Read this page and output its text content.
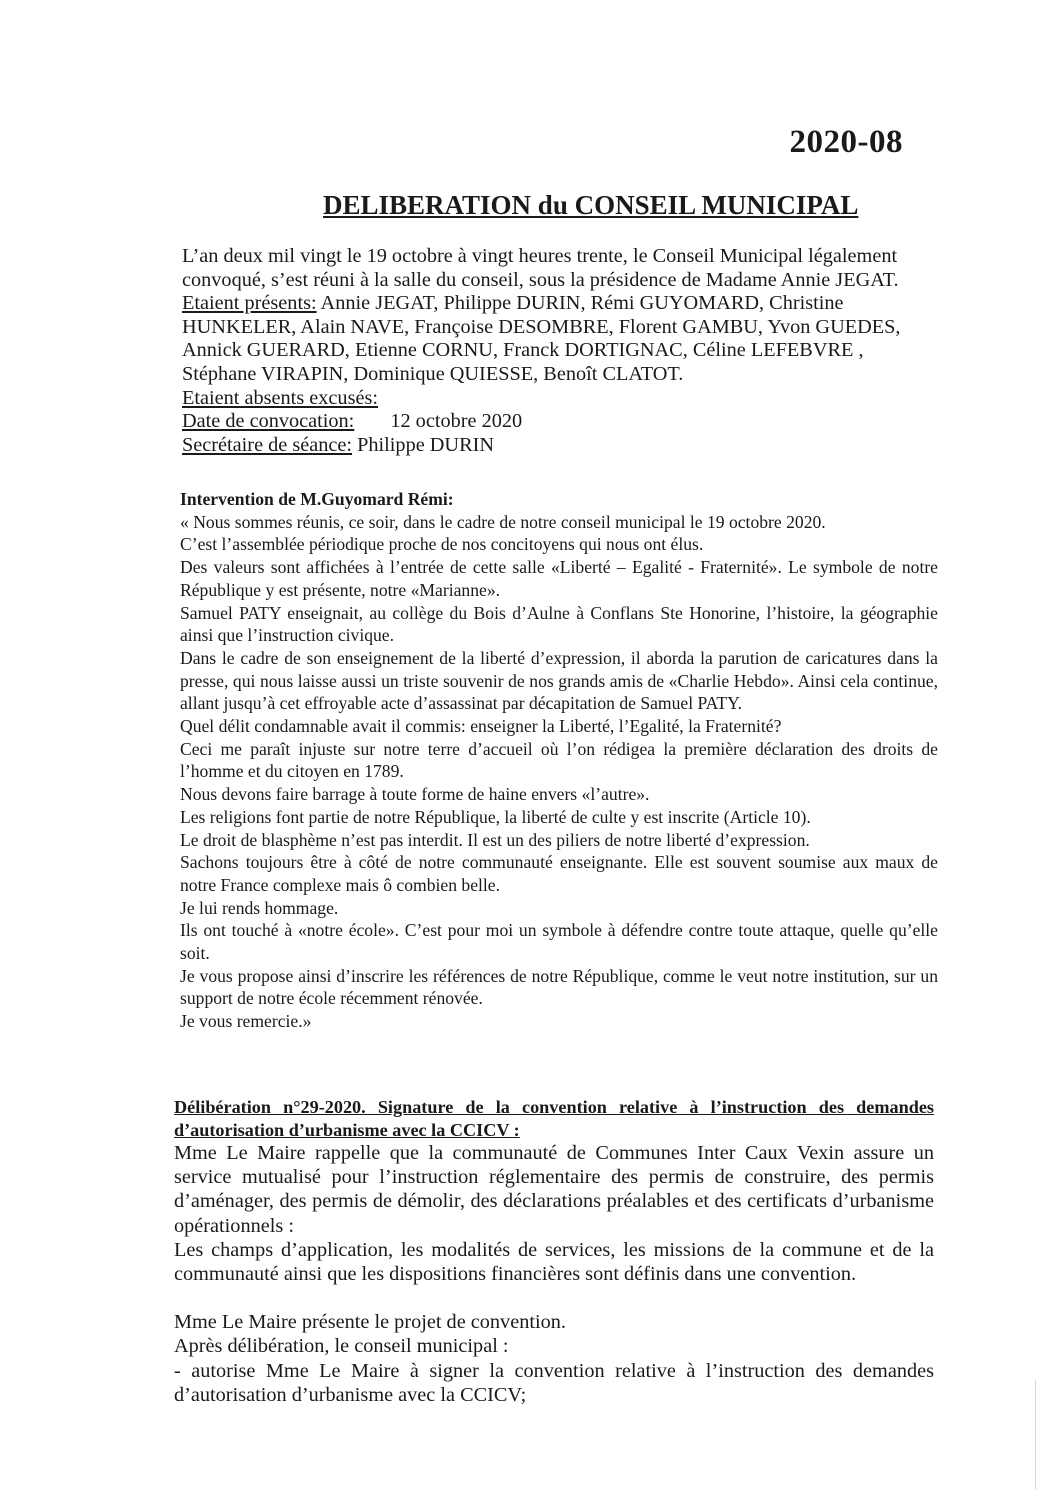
2020-08
DELIBERATION du CONSEIL MUNICIPAL
L’an deux mil vingt le 19 octobre à vingt heures trente, le Conseil Municipal légalement
convoqué, s’est réuni à la salle du conseil, sous la présidence de Madame Annie JEGAT.
Etaient présents: Annie JEGAT, Philippe DURIN, Rémi GUYOMARD, Christine
HUNKELER, Alain NAVE, Françoise DESOMBRE, Florent GAMBU, Yvon GUEDES,
Annick GUERARD, Etienne CORNU, Franck DORTIGNAC, Céline LEFEBVRE ,
Stéphane VIRAPIN, Dominique QUIESSE, Benoît CLATOT.
Etaient absents excusés:
Date de convocation: 12 octobre 2020
Secrétaire de séance: Philippe DURIN

Intervention de M.Guyomard Rémi:

« Nous sommes réunis, ce soir, dans le cadre de notre conseil municipal le 19 octobre 2020.

C’est l’assemblée périodique proche de nos concitoyens qui nous ont élus.

Des valeurs sont affichées à l’entrée de cette salle «Liberté – Egalité - Fraternité». Le symbole de notre République y est présente, notre «Marianne».

Samuel PATY enseignait, au collège du Bois d’Aulne à Conflans Ste Honorine, l’histoire, la géographie ainsi que l’instruction civique.

Dans le cadre de son enseignement de la liberté d’expression, il aborda la parution de caricatures dans la presse, qui nous laisse aussi un triste souvenir de nos grands amis de «Charlie Hebdo». Ainsi cela continue, allant jusqu’à cet effroyable acte d’assassinat par décapitation de Samuel PATY.

Quel délit condamnable avait il commis: enseigner la Liberté, l’Egalité, la Fraternité?

Ceci me paraît injuste sur notre terre d’accueil où l’on rédigea la première déclaration des droits de l’homme et du citoyen en 1789.

Nous devons faire barrage à toute forme de haine envers «l’autre».

Les religions font partie de notre République, la liberté de culte y est inscrite (Article 10).

Le droit de blasphème n’est pas interdit. Il est un des piliers de notre liberté d’expression.

Sachons toujours être à côté de notre communauté enseignante. Elle est souvent soumise aux maux de notre France complexe mais ô combien belle.

Je lui rends hommage.

Ils ont touché à «notre école». C’est pour moi un symbole à défendre contre toute attaque, quelle qu’elle soit.

Je vous propose ainsi d’inscrire les références de notre République, comme le veut notre institution, sur un support de notre école récemment rénovée.

Je vous remercie.»

Délibération n°29-2020. Signature de la convention relative à l’instruction des demandes d’autorisation d’urbanisme avec la CCICV :

Mme Le Maire rappelle que la communauté de Communes Inter Caux Vexin assure un service mutualisé pour l’instruction réglementaire des permis de construire, des permis d’aménager, des permis de démolir, des déclarations préalables et des certificats d’urbanisme opérationnels :

Les champs d’application, les modalités de services, les missions de la commune et de la communauté ainsi que les dispositions financières sont définis dans une convention.

Mme Le Maire présente le projet de convention.

Après délibération, le conseil municipal :

- autorise Mme Le Maire à signer la convention relative à l’instruction des demandes d’autorisation d’urbanisme avec la CCICV;
